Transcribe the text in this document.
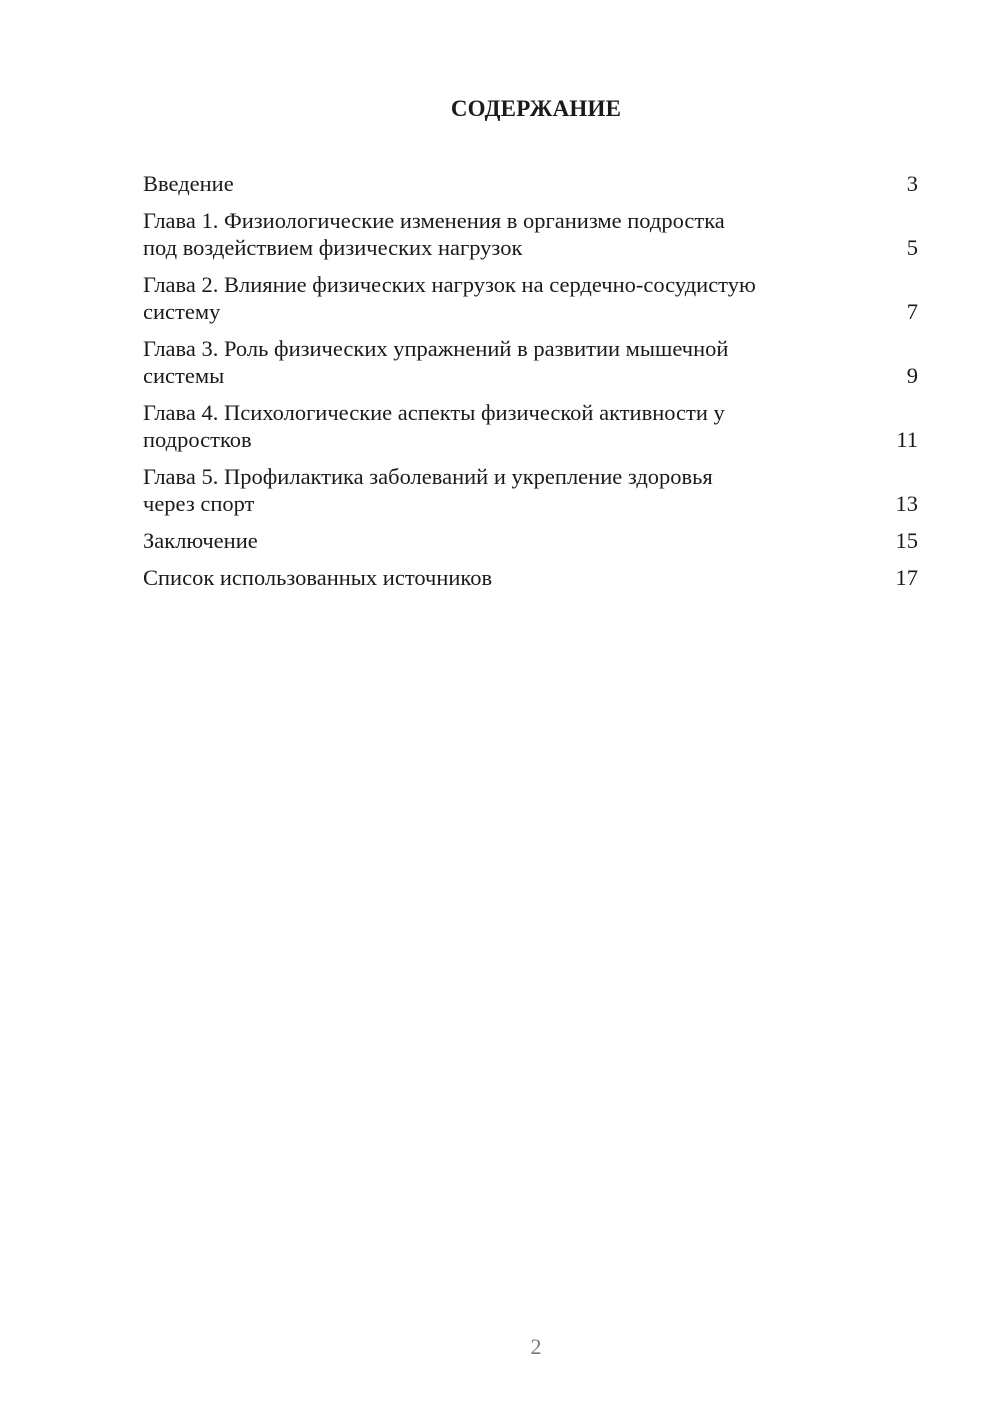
СОДЕРЖАНИЕ
Введение	3
Глава 1. Физиологические изменения в организме подростка
под воздействием физических нагрузок	5
Глава 2. Влияние физических нагрузок на сердечно-сосудистую
систему	7
Глава 3. Роль физических упражнений в развитии мышечной
системы	9
Глава 4. Психологические аспекты физической активности у
подростков	11
Глава 5. Профилактика заболеваний и укрепление здоровья
через спорт	13
Заключение	15
Список использованных источников	17
2
